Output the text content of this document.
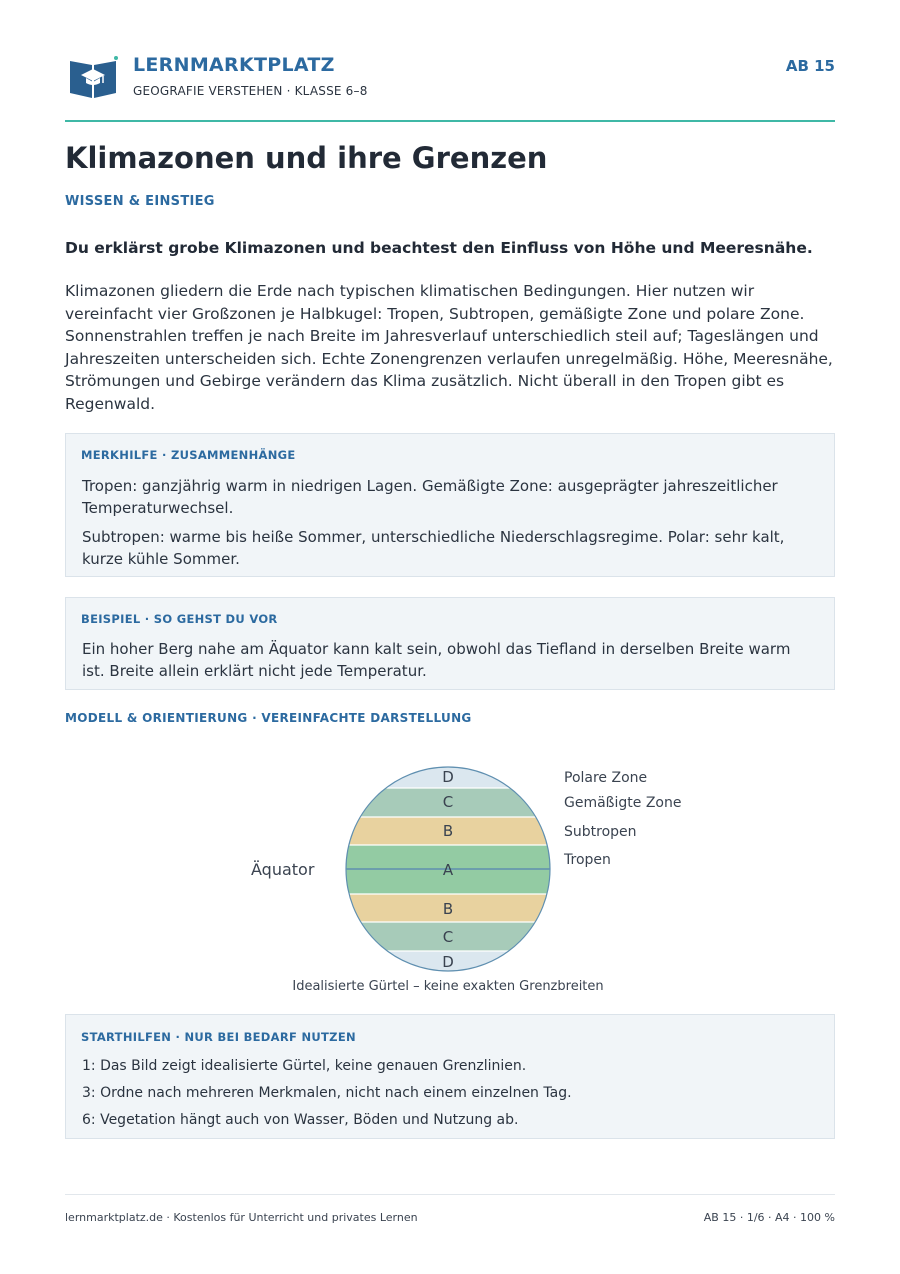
LERNMARKTPLATZ
GEOGRAFIE VERSTEHEN · KLASSE 6–8
AB 15
Klimazonen und ihre Grenzen
WISSEN & EINSTIEG

Du erklärst grobe Klimazonen und beachtest den Einfluss von Höhe und Meeresnähe.

Klimazonen gliedern die Erde nach typischen klimatischen Bedingungen. Hier nutzen wir vereinfacht vier Großzonen je Halbkugel: Tropen, Subtropen, gemäßigte Zone und polare Zone. Sonnenstrahlen treffen je nach Breite im Jahresverlauf unterschiedlich steil auf; Tageslängen und Jahreszeiten unterscheiden sich. Echte Zonengrenzen verlaufen unregelmäßig. Höhe, Meeresnähe, Strömungen und Gebirge verändern das Klima zusätzlich. Nicht überall in den Tropen gibt es Regenwald.

MERKHILFE · ZUSAMMENHÄNGE

Tropen: ganzjährig warm in niedrigen Lagen. Gemäßigte Zone: ausgeprägter jahreszeitlicher Temperaturwechsel.

Subtropen: warme bis heiße Sommer, unterschiedliche Niederschlagsregime. Polar: sehr kalt, kurze kühle Sommer.

BEISPIEL · SO GEHST DU VOR

Ein hoher Berg nahe am Äquator kann kalt sein, obwohl das Tiefland in derselben Breite warm ist. Breite allein erklärt nicht jede Temperatur.

MODELL & ORIENTIERUNG · VEREINFACHTE DARSTELLUNG
D
C
B
A
B
C
D
Polare Zone
Gemäßigte Zone
Subtropen
Tropen
Äquator
Idealisierte Gürtel – keine exakten Grenzbreiten
STARTHILFEN · NUR BEI BEDARF NUTZEN

1: Das Bild zeigt idealisierte Gürtel, keine genauen Grenzlinien.

3: Ordne nach mehreren Merkmalen, nicht nach einem einzelnen Tag.

6: Vegetation hängt auch von Wasser, Böden und Nutzung ab.

lernmarktplatz.de · Kostenlos für Unterricht und privates Lernen	AB 15 · 1/6 · A4 · 100 %
